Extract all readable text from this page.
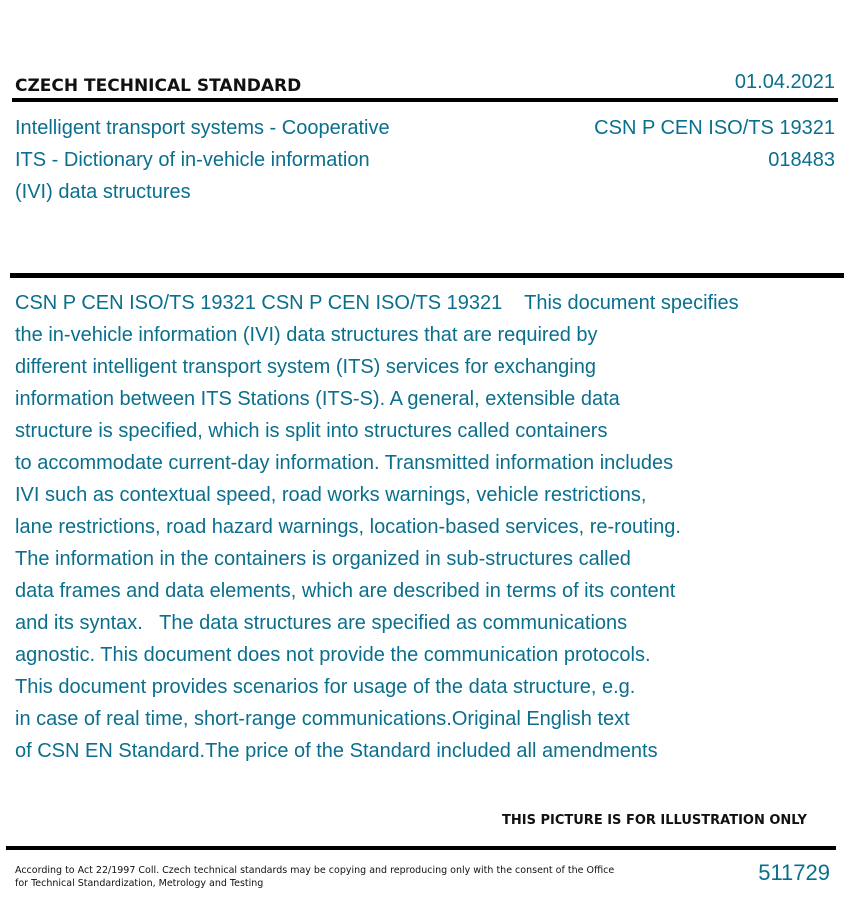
CZECH TECHNICAL STANDARD	01.04.2021
Intelligent transport systems - Cooperative
ITS - Dictionary of in-vehicle information
(IVI) data structures
CSN P CEN ISO/TS 19321
018483
CSN P CEN ISO/TS 19321 CSN P CEN ISO/TS 19321    This document specifies
the in-vehicle information (IVI) data structures that are required by
different intelligent transport system (ITS) services for exchanging
information between ITS Stations (ITS-S). A general, extensible data
structure is specified, which is split into structures called containers
to accommodate current-day information. Transmitted information includes
IVI such as contextual speed, road works warnings, vehicle restrictions,
lane restrictions, road hazard warnings, location-based services, re-routing.
The information in the containers is organized in sub-structures called
data frames and data elements, which are described in terms of its content
and its syntax.   The data structures are specified as communications
agnostic. This document does not provide the communication protocols.
This document provides scenarios for usage of the data structure, e.g.
in case of real time, short-range communications.Original English text
of CSN EN Standard.The price of the Standard included all amendments
THIS PICTURE IS FOR ILLUSTRATION ONLY
According to Act 22/1997 Coll. Czech technical standards may be copying and reproducing only with the consent of the Office
for Technical Standardization, Metrology and Testing	511729
